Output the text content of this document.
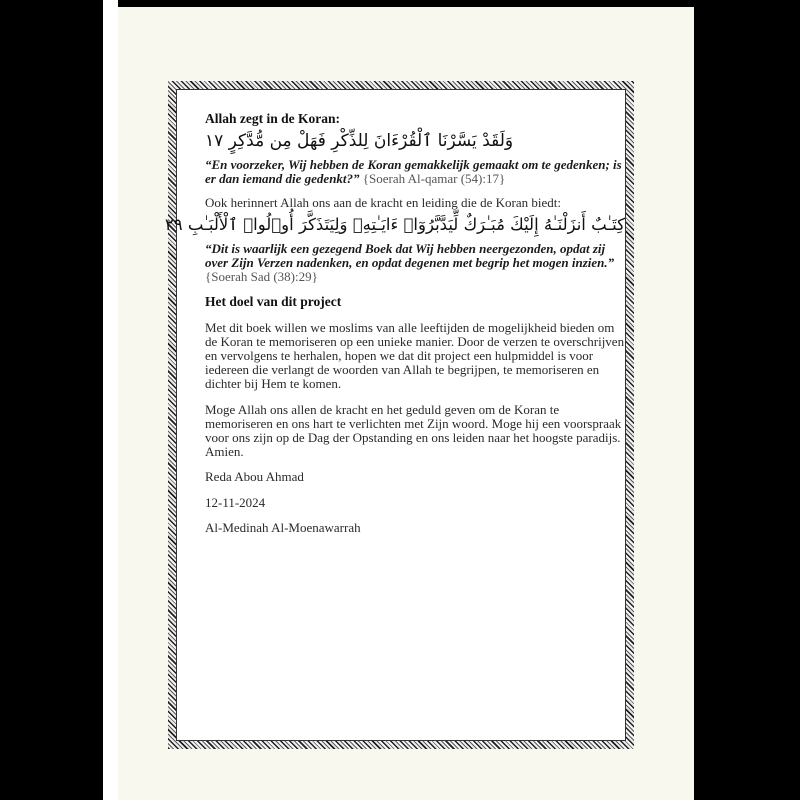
Allah zegt in de Koran:

وَلَقَدْ يَسَّرْنَا ٱلْقُرْءَانَ لِلذِّكْرِ فَهَلْ مِن مُّدَّكِرٍ ١٧

“En voorzeker, Wij hebben de Koran gemakkelijk gemaakt om te gedenken; is er dan iemand die gedenkt?” {Soerah Al-qamar (54):17}

Ook herinnert Allah ons aan de kracht en leiding die de Koran biedt:

كِتَـٰبٌ أَنزَلْنَـٰهُ إِلَيْكَ مُبَـٰرَكٌ لِّيَدَّبَّرُوٓا۟ ءَايَـٰتِهِۦ وَلِيَتَذَكَّرَ أُو۟لُوا۟ ٱلْأَلْبَـٰبِ ٢٩

“Dit is waarlijk een gezegend Boek dat Wij hebben neergezonden, opdat zij over Zijn Verzen nadenken, en opdat degenen met begrip het mogen inzien.” {Soerah Sad (38):29}

Het doel van dit project

Met dit boek willen we moslims van alle leeftijden de mogelijkheid bieden om de Koran te memoriseren op een unieke manier. Door de verzen te overschrijven en vervolgens te herhalen, hopen we dat dit project een hulpmiddel is voor iedereen die verlangt de woorden van Allah te begrijpen, te memoriseren en dichter bij Hem te komen.

Moge Allah ons allen de kracht en het geduld geven om de Koran te memoriseren en ons hart te verlichten met Zijn woord. Moge hij een voorspraak voor ons zijn op de Dag der Opstanding en ons leiden naar het hoogste paradijs. Amien.

Reda Abou Ahmad

12-11-2024

Al-Medinah Al-Moenawarrah
